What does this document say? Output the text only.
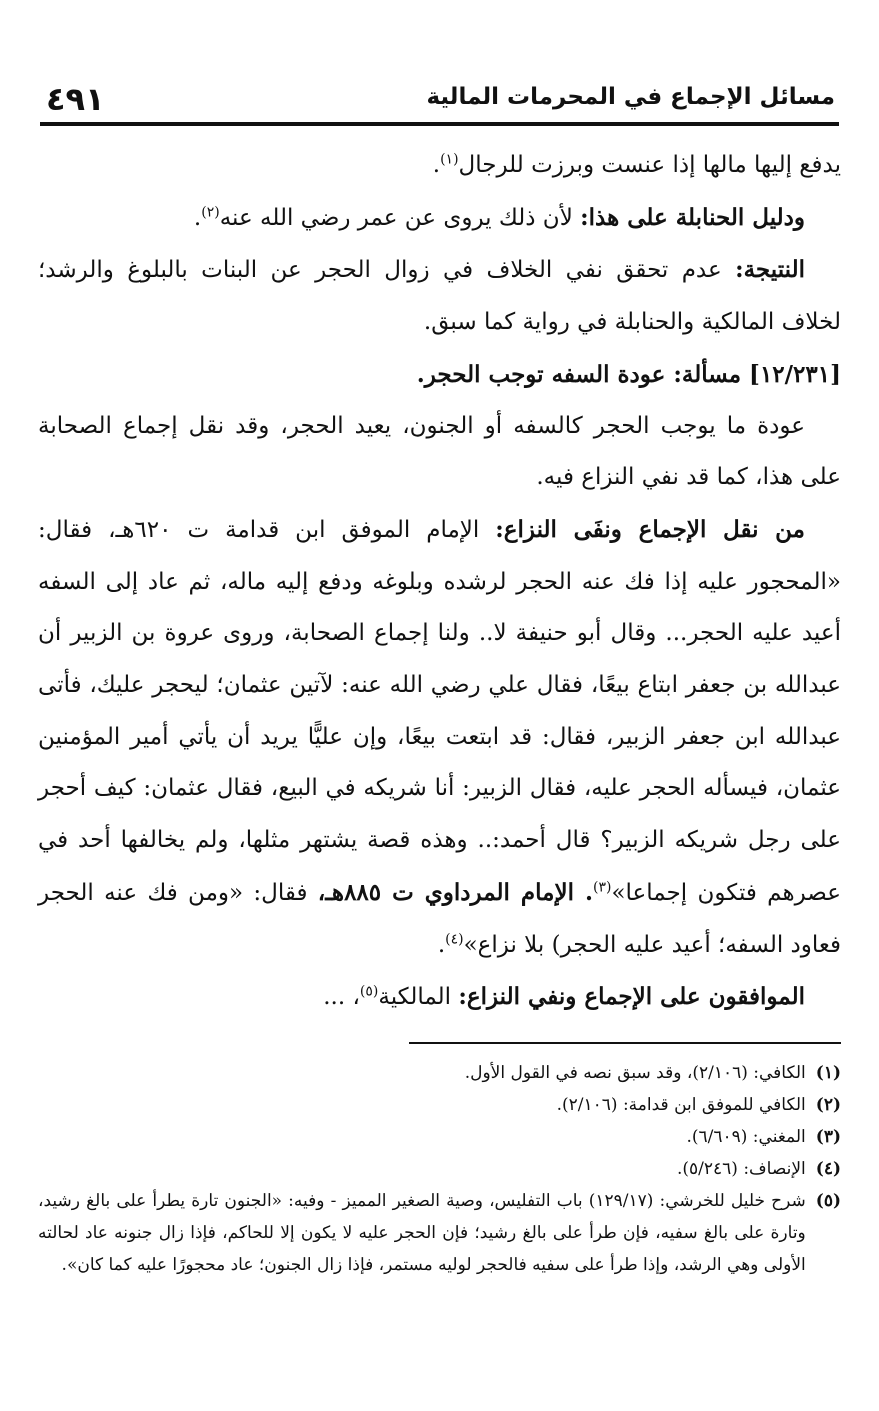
٤٩١	مسائل الإجماع في المحرمات المالية

يدفع إليها مالها إذا عنست وبرزت للرجال$^{(١)}$.

ودليل الحنابلة على هذا: لأن ذلك يروى عن عمر رضي الله عنه$^{(٢)}$.

النتيجة: عدم تحقق نفي الخلاف في زوال الحجر عن البنات بالبلوغ والرشد؛ لخلاف المالكية والحنابلة في رواية كما سبق.

[١٢/٢٣١] مسألة: عودة السفه توجب الحجر.

عودة ما يوجب الحجر كالسفه أو الجنون، يعيد الحجر، وقد نقل إجماع الصحابة على هذا، كما قد نفي النزاع فيه.

من نقل الإجماع ونفَى النزاع: الإمام الموفق ابن قدامة ت ٦٢٠هـ، فقال: «المحجور عليه إذا فك عنه الحجر لرشده وبلوغه ودفع إليه ماله، ثم عاد إلى السفه أعيد عليه الحجر... وقال أبو حنيفة لا.. ولنا إجماع الصحابة، وروى عروة بن الزبير أن عبدالله بن جعفر ابتاع بيعًا، فقال علي رضي الله عنه: لآتين عثمان؛ ليحجر عليك، فأتى عبدالله ابن جعفر الزبير، فقال: قد ابتعت بيعًا، وإن عليًّا يريد أن يأتي أمير المؤمنين عثمان، فيسأله الحجر عليه، فقال الزبير: أنا شريكه في البيع، فقال عثمان: كيف أحجر على رجل شريكه الزبير؟ قال أحمد:.. وهذه قصة يشتهر مثلها، ولم يخالفها أحد في عصرهم فتكون إجماعا»$^{(٣)}$. الإمام المرداوي ت ٨٨٥هـ، فقال: «ومن فك عنه الحجر فعاود السفه؛ أعيد عليه الحجر) بلا نزاع»$^{(٤)}$.

الموافقون على الإجماع ونفي النزاع: المالكية$^{(٥)}$، ...

(١)
الكافي: (٢/١٠٦)، وقد سبق نصه في القول الأول.

(٢)
الكافي للموفق ابن قدامة: (٢/١٠٦).

(٣)
المغني: (٦/٦٠٩).

(٤)
الإنصاف: (٥/٢٤٦).

(٥)
شرح خليل للخرشي: (١٢٩/١٧) باب التفليس، وصية الصغير المميز - وفيه: «الجنون تارة يطرأ على بالغ رشيد، وتارة على بالغ سفيه، فإن طرأ على بالغ رشيد؛ فإن الحجر عليه لا يكون إلا للحاكم، فإذا زال جنونه عاد لحالته الأولى وهي الرشد، وإذا طرأ على سفيه فالحجر لوليه مستمر، فإذا زال الجنون؛ عاد محجورًا عليه كما كان».
